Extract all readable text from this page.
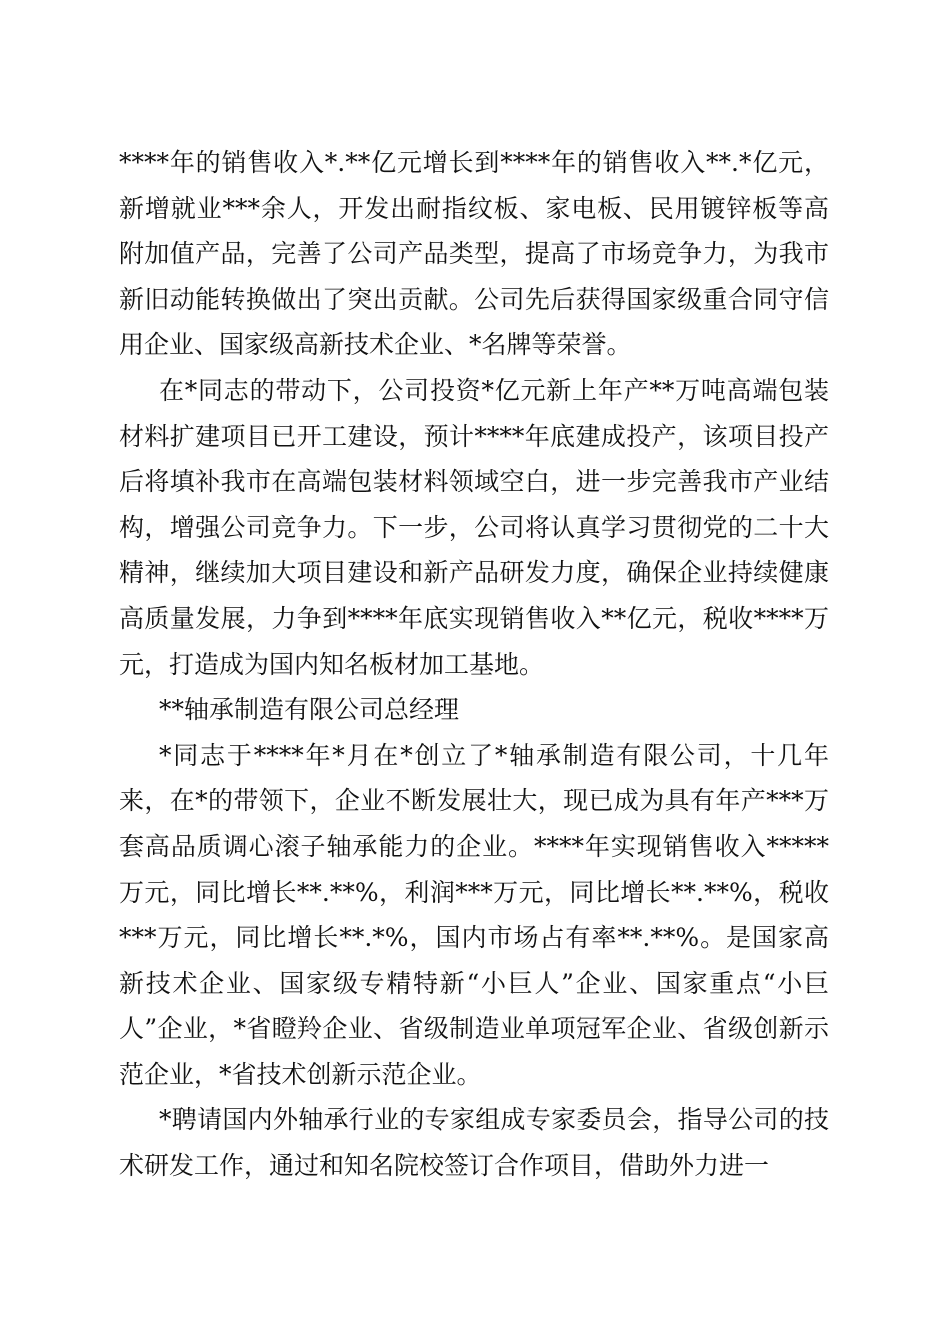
****年的销售收入*.**亿元增长到****年的销售收入**.*亿元，新增就业***余人，开发出耐指纹板、家电板、民用镀锌板等高附加值产品，完善了公司产品类型，提高了市场竞争力，为我市新旧动能转换做出了突出贡献。公司先后获得国家级重合同守信用企业、国家级高新技术企业、*名牌等荣誉。

在*同志的带动下，公司投资*亿元新上年产**万吨高端包装材料扩建项目已开工建设，预计****年底建成投产，该项目投产后将填补我市在高端包装材料领域空白，进一步完善我市产业结构，增强公司竞争力。下一步，公司将认真学习贯彻党的二十大精神，继续加大项目建设和新产品研发力度，确保企业持续健康高质量发展，力争到****年底实现销售收入**亿元，税收****万元，打造成为国内知名板材加工基地。

**轴承制造有限公司总经理

*同志于****年*月在*创立了*轴承制造有限公司，十几年来，在*的带领下，企业不断发展壮大，现已成为具有年产***万套高品质调心滚子轴承能力的企业。****年实现销售收入*****万元，同比增长**.**%，利润***万元，同比增长**.**%，税收***万元，同比增长**.*%，国内市场占有率**.**%。是国家高新技术企业、国家级专精特新“小巨人”企业、国家重点“小巨人”企业，*省瞪羚企业、省级制造业单项冠军企业、省级创新示范企业，*省技术创新示范企业。

*聘请国内外轴承行业的专家组成专家委员会，指导公司的技术研发工作，通过和知名院校签订合作项目，借助外力进一
